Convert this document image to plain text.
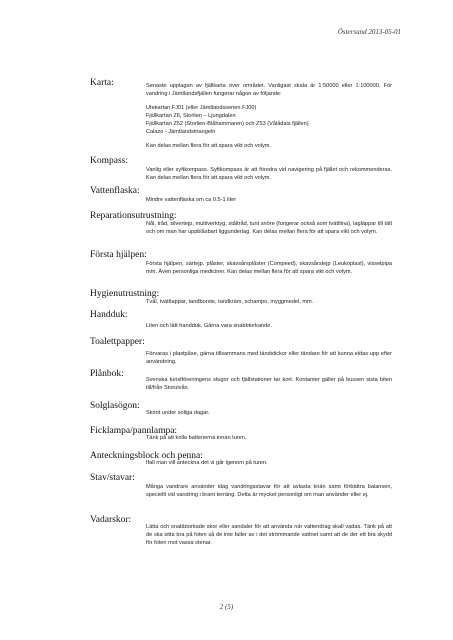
Östersund 2013-05-01
Karta:	Senaste upplagan av fjällkarta över området. Vanligast skala är 1:50000 eller 1:100000. För vandring i Jämtlandsfjällen fungerar någon av följande:

Utekartan FJ01 (eller Jämtlandsserien FJ00)
Fjällkartan Z6, Storlien – Ljungdalen
Fjällkartan Z52 (Storlien-Blåhammaren) och Z53 (Vålådals fjällen)
Calazo - Jämtlandstriangeln

Kan delas mellan flera för att spara vikt och volym.

Kompass:

Vanlig eller syftkompass. Syftkompass är att föredra vid navigering på fjället och rekommenderas. Kan delas mellan flera för att spara vikt och volym.

Vattenflaska:

Mindre vattenflaska om ca 0.5-1 liter

Reparationsutrustning:

Nål, tråd, silvertejp, multiverktyg, ståltråd, tunt snöre (fungerar också som tvättlina), lagläppar till tält och om man har uppblåsbart liggunderlag. Kan delas mellan flera för att spara vikt och volym.

Första hjälpen:

Första hjälpen, särtejp, plåster, skavsårsplåster (Compeed), skavsårstejp (Leukoplast), visselpipa mm. Även personliga mediciner. Kan delas mellan flera för att spara vikt och volym.

Hygienutrustning:

Tvål, tvättlappar, tandborste, tandkräm, schampo, myggmedel, mm.

Handduk:

Liten och lätt handduk. Gärna vara snabbtorkande.

Toalettpapper:

Förvaras i plastpåse, gärna tillsammans med tändstickor eller tändare för att kunna eldas upp efter användning.

Plånbok:

Svenska turistföreningens stugor och fjällstationer tar kort. Kontanter gäller på bussen sista biten till/från Storulvån.

Solglasögon:

Skönt under soliga dagar.

Ficklampa/pannlampa:

Tänk på att kolla batterierna innan turen.

Anteckningsblock och penna:

Ifall man vill anteckna det vi går igenom på turen.

Stav/stavar:

Många vandrare använder idag vandringsstavar för att avlasta knän samt förbättra balansen, speciellt vid vandring i brant terräng. Detta är mycket personligt om man använder eller ej.

Vadarskor:

Lätta och snabbtorkade skor eller sandaler för att använda när vattendrag skall vadas. Tänk på att de ska sitta bra på foten så de inte faller av i det strömmande vattnet samt att de der ett bra skydd för foten mot vassa stenar.

2 (5)
